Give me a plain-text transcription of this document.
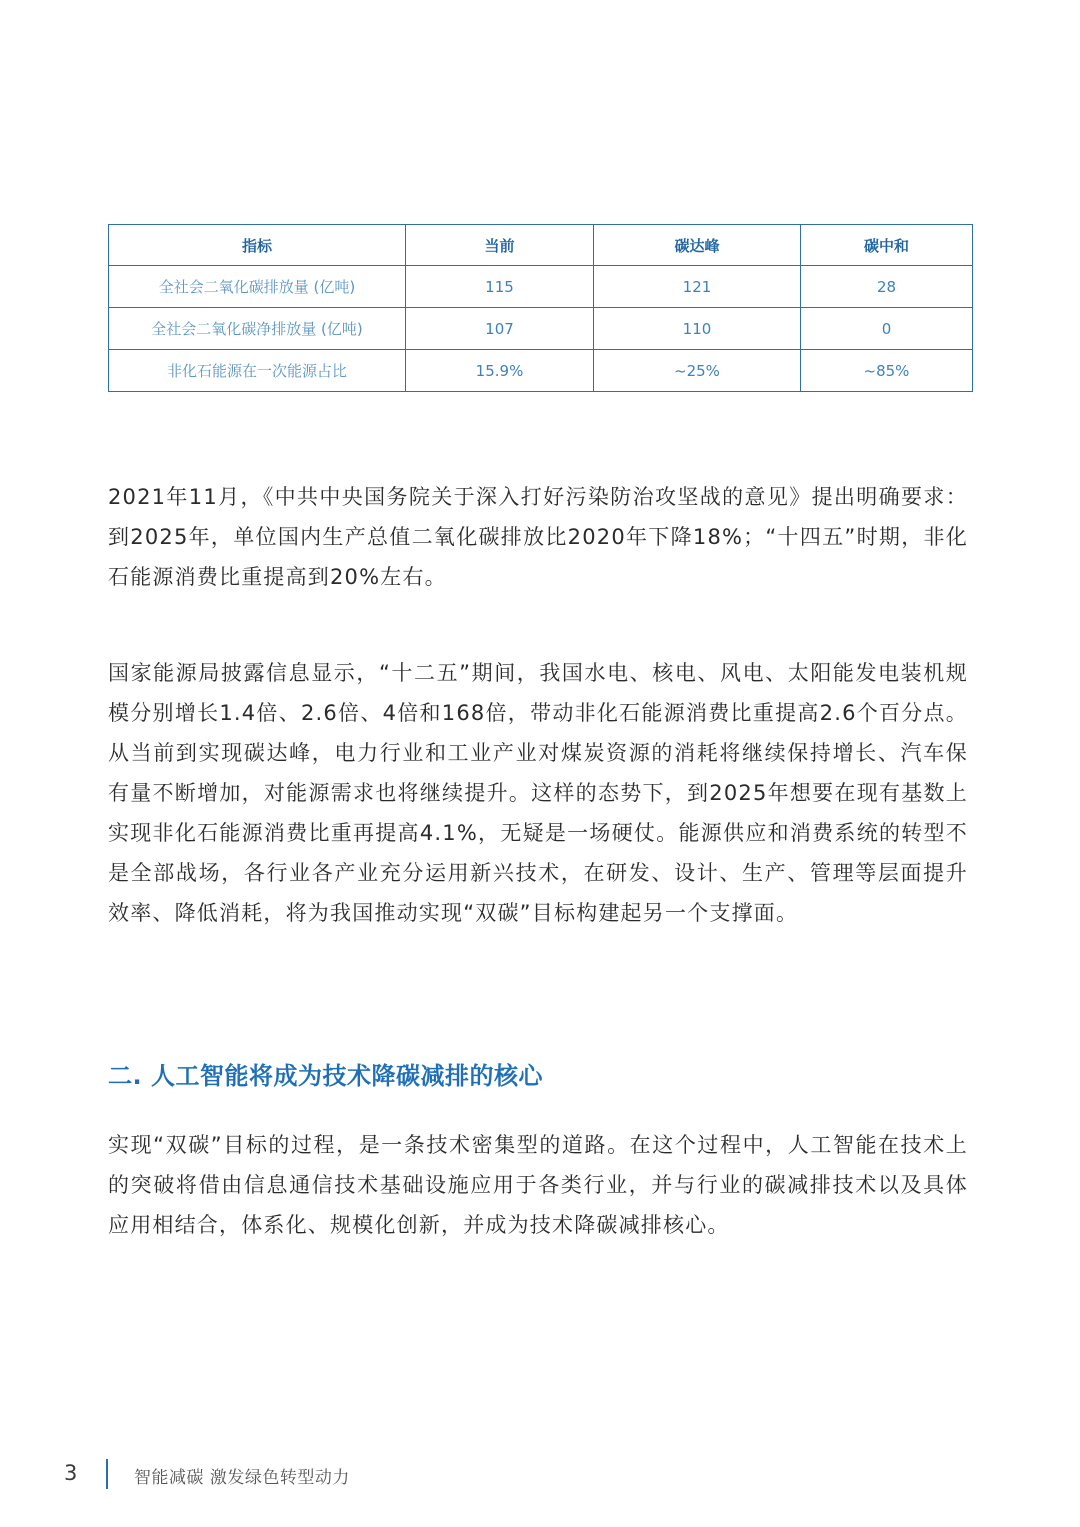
指标	当前	碳达峰	碳中和
全社会二氧化碳排放量 (亿吨)	115	121	28
全社会二氧化碳净排放量 (亿吨)	107	110	0
非化石能源在一次能源占比	15.9%	~25%	~85%

2021年11月，《中共中央国务院关于深入打好污染防治攻坚战的意见》提出明确要求：到2025年，单位国内生产总值二氧化碳排放比2020年下降18%；“十四五”时期，非化石能源消费比重提高到20%左右。

国家能源局披露信息显示，“十二五”期间，我国水电、核电、风电、太阳能发电装机规模分别增长1.4倍、2.6倍、4倍和168倍，带动非化石能源消费比重提高2.6个百分点。从当前到实现碳达峰，电力行业和工业产业对煤炭资源的消耗将继续保持增长、汽车保有量不断增加，对能源需求也将继续提升。这样的态势下，到2025年想要在现有基数上实现非化石能源消费比重再提高4.1%，无疑是一场硬仗。能源供应和消费系统的转型不是全部战场，各行业各产业充分运用新兴技术，在研发、设计、生产、管理等层面提升效率、降低消耗，将为我国推动实现“双碳”目标构建起另一个支撑面。

二. 人工智能将成为技术降碳减排的核心

实现“双碳”目标的过程，是一条技术密集型的道路。在这个过程中，人工智能在技术上的突破将借由信息通信技术基础设施应用于各类行业，并与行业的碳减排技术以及具体应用相结合，体系化、规模化创新，并成为技术降碳减排核心。

3	智能减碳 激发绿色转型动力
